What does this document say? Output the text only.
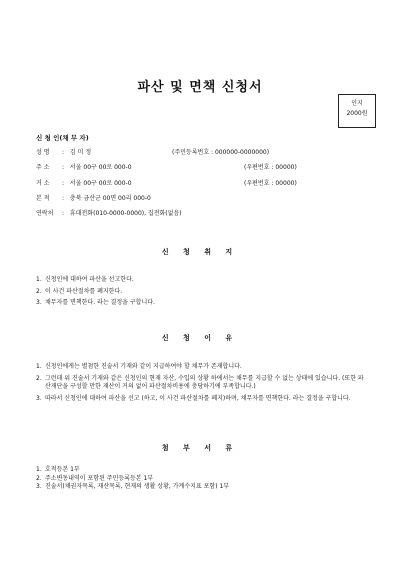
파산 및 면책 신청서
인지
2000원
신 청 인(채 무 자)
성 명 : 김 미 정	(주민등록번호 : 000000-0000000)
주 소 : 서울 00구 00로 000-0	(우편번호 : 00000)
거 소 : 서울 00구 00로 000-0	(우편번호 : 00000)
본 적 : 충북 금산군 00면 00리 000-0
연락처 : 휴대전화(010-0000-0000), 집전화(없음)
신 청 취 지
1. 신청인에 대하여 파산을 선고한다.
2. 이 사건 파산절차를 폐지한다.
3. 채무자를 면책한다. 라는 결정을 구합니다.
신 청 이 유
1. 신청인에게는 별첨한 진술서 기재와 같이 지급하여야 할 채무가 존재합니다.
2. 그런데 위 진술서 기재와 같은 신청인의 현재 자산, 수입의 상황 하에서는 채무를 지급할 수 없는 상태에 있습니다. (또한 파산재단을 구성할 만한 재산이 거의 없어 파산절차비용에 충당하기에 부족합니다.)
3. 따라서 신청인에 대하여 파산을 선고 (하고, 이 사건 파산절차를 폐지)하며, 채무자를 면책한다. 라는 결정을 구합니다.
첨 부 서 류
1. 호적등본 1부
2. 주소변동내역이 포함된 주민등록등본 1부
3. 진술서(채권자목록, 재산목록, 현재의 생활 상황, 가계수지표 포함) 1부
